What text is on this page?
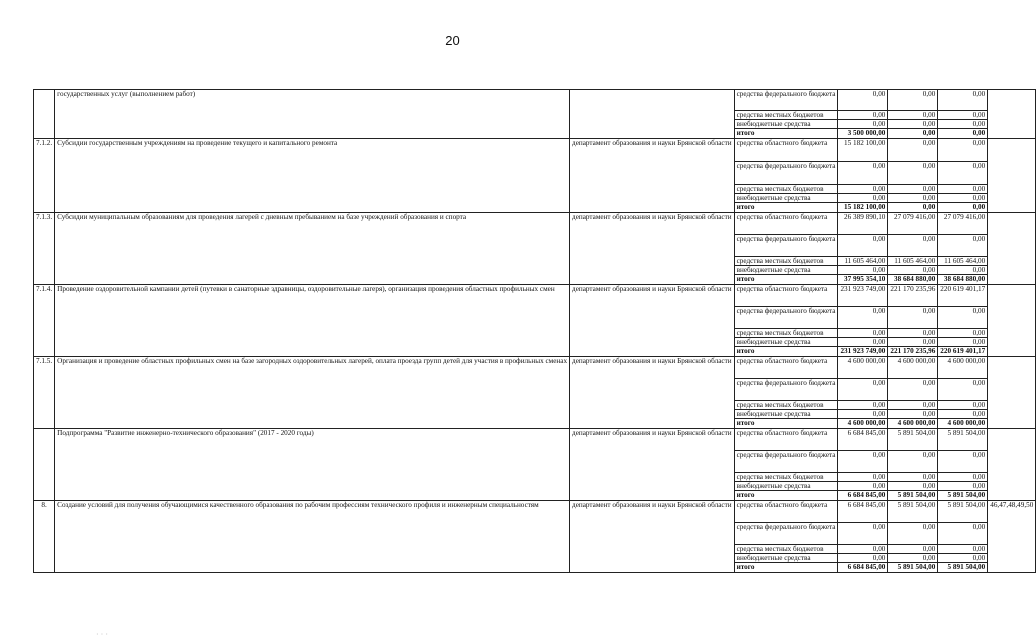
20
	государственных услуг (выполнением работ)		средства федерального бюджета	0,00	0,00	0,00	
			средства местных бюджетов	0,00	0,00	0,00	
			внебюджетные средства	0,00	0,00	0,00	
			итого	3 500 000,00	0,00	0,00	
7.1.2.	Субсидии государственным учреждениям на проведение текущего и капитального ремонта	департамент образования и науки Брянской области	средства областного бюджета	15 182 100,00	0,00	0,00	
			средства федерального бюджета	0,00	0,00	0,00	
			средства местных бюджетов	0,00	0,00	0,00	
			внебюджетные средства	0,00	0,00	0,00	
			итого	15 182 100,00	0,00	0,00	
7.1.3.	Субсидии муниципальным образованиям для проведения лагерей с дневным пребыванием на базе учреждений образования и спорта	департамент образования и науки Брянской области	средства областного бюджета	26 389 890,10	27 079 416,00	27 079 416,00	
			средства федерального бюджета	0,00	0,00	0,00	
			средства местных бюджетов	11 605 464,00	11 605 464,00	11 605 464,00	
			внебюджетные средства	0,00	0,00	0,00	
			итого	37 995 354,10	38 684 880,00	38 684 880,00	
7.1.4.	Проведение оздоровительной кампании детей (путевки в санаторные здравницы, оздоровительные лагеря), организация проведения областных профильных смен	департамент образования и науки Брянской области	средства областного бюджета	231 923 749,00	221 170 235,96	220 619 401,17	
			средства федерального бюджета	0,00	0,00	0,00	
			средства местных бюджетов	0,00	0,00	0,00	
			внебюджетные средства	0,00	0,00	0,00	
			итого	231 923 749,00	221 170 235,96	220 619 401,17	
7.1.5.	Организация и проведение областных профильных смен на базе загородных оздоровительных лагерей, оплата проезда групп детей для участия в профильных сменах	департамент образования и науки Брянской области	средства областного бюджета	4 600 000,00	4 600 000,00	4 600 000,00	
			средства федерального бюджета	0,00	0,00	0,00	
			средства местных бюджетов	0,00	0,00	0,00	
			внебюджетные средства	0,00	0,00	0,00	
			итого	4 600 000,00	4 600 000,00	4 600 000,00	
	Подпрограмма "Развитие инженерно-технического образования" (2017 - 2020 годы)	департамент образования и науки Брянской области	средства областного бюджета	6 684 845,00	5 891 504,00	5 891 504,00	
			средства федерального бюджета	0,00	0,00	0,00	
			средства местных бюджетов	0,00	0,00	0,00	
			внебюджетные средства	0,00	0,00	0,00	
			итого	6 684 845,00	5 891 504,00	5 891 504,00	
8.	Создание условий для получения обучающимися качественного образования по рабочим профессиям технического профиля и инженерным специальностям	департамент образования и науки Брянской области	средства областного бюджета	6 684 845,00	5 891 504,00	5 891 504,00	46,47,48,49,50
			средства федерального бюджета	0,00	0,00	0,00	
			средства местных бюджетов	0,00	0,00	0,00	
			внебюджетные средства	0,00	0,00	0,00	
			итого	6 684 845,00	5 891 504,00	5 891 504,00	
· · ·
